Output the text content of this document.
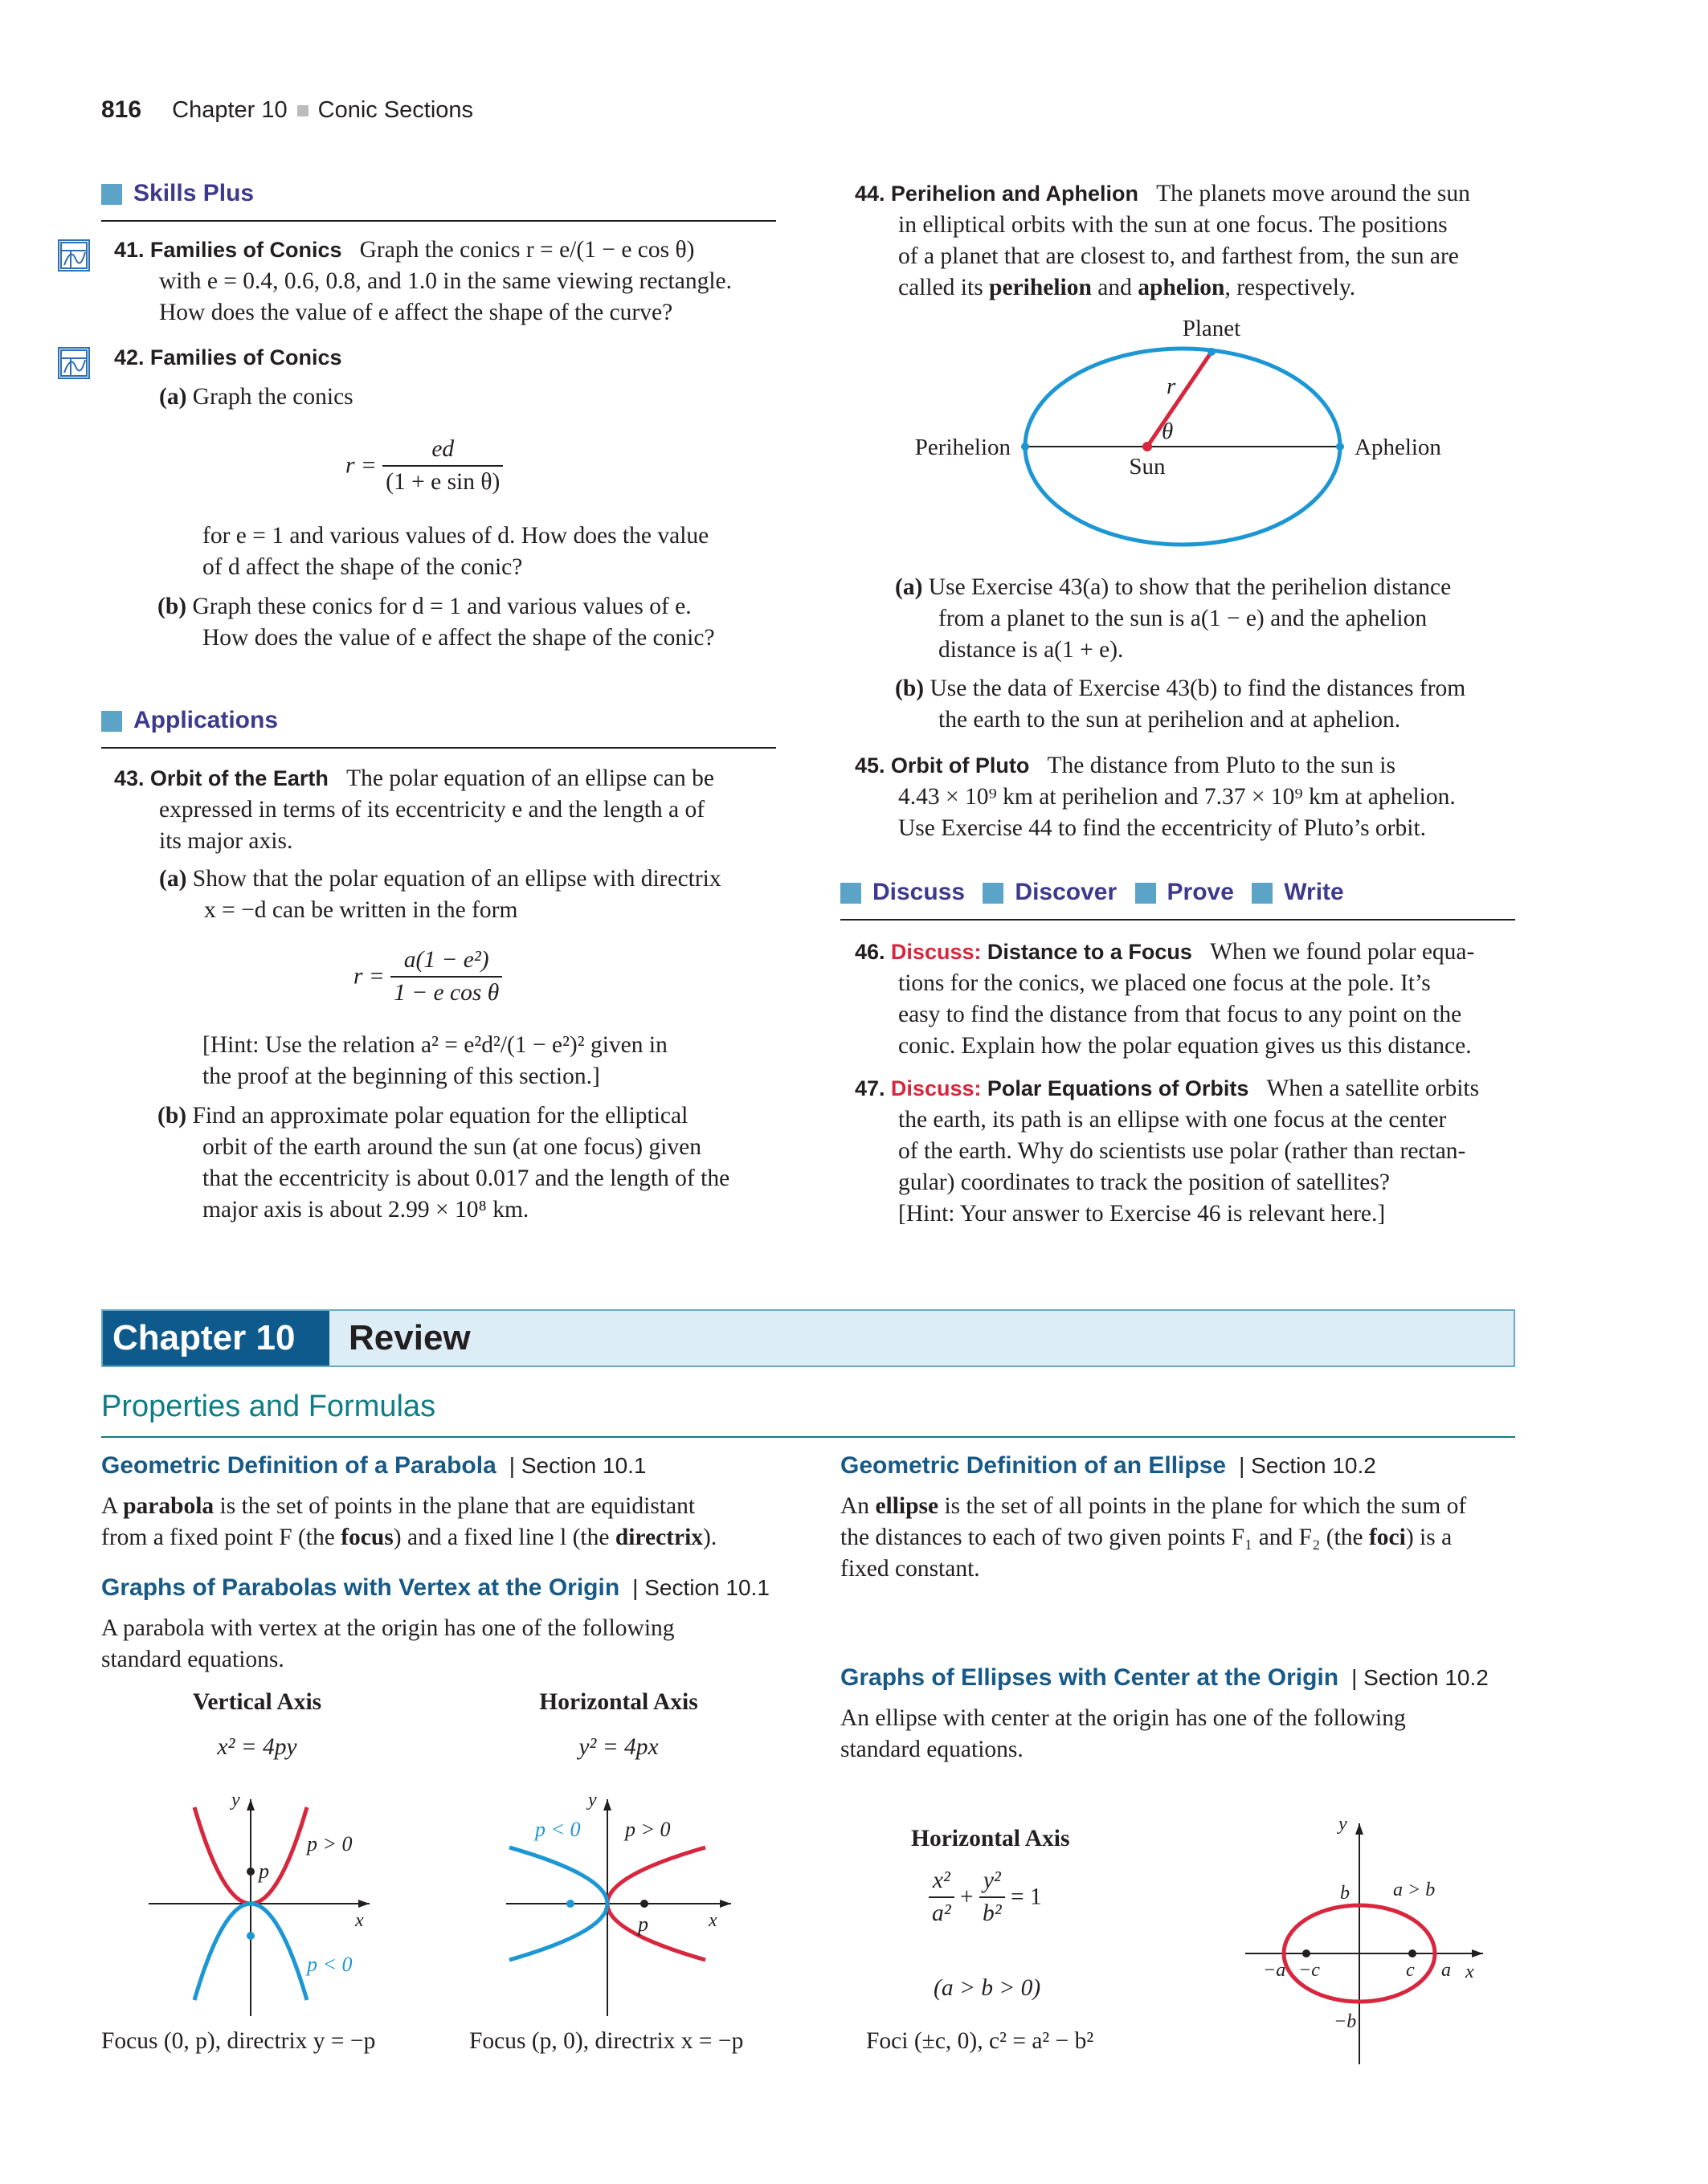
816 Chapter 10 Conic Sections
Skills Plus
41. Families of Conics Graph the conics r = e/(1 − e cos θ)
with e = 0.4, 0.6, 0.8, and 1.0 in the same viewing rectangle.
How does the value of e affect the shape of the curve?
42. Families of Conics
(a) Graph the conics
$r = \frac{ed}{\text{(1 + e sin θ)}}$
for e = 1 and various values of d. How does the value
of d affect the shape of the conic?
(b) Graph these conics for d = 1 and various values of e.
How does the value of e affect the shape of the conic?
Applications
43. Orbit of the Earth The polar equation of an ellipse can be
expressed in terms of its eccentricity e and the length a of
its major axis.
(a) Show that the polar equation of an ellipse with directrix
x = −d can be written in the form
$r = \frac{\text{a(1 − e²)}}{\text{1 − e cos θ}}$
[Hint: Use the relation a² = e²d²/(1 − e²)² given in
the proof at the beginning of this section.]
(b) Find an approximate polar equation for the elliptical
orbit of the earth around the sun (at one focus) given
that the eccentricity is about 0.017 and the length of the
major axis is about 2.99 × 10⁸ km.
44. Perihelion and Aphelion The planets move around the sun
in elliptical orbits with the sun at one focus. The positions
of a planet that are closest to, and farthest from, the sun are
called its perihelion and aphelion, respectively.
Planet
r
θ
Perihelion
Sun
Aphelion
(a) Use Exercise 43(a) to show that the perihelion distance
from a planet to the sun is a(1 − e) and the aphelion
distance is a(1 + e).
(b) Use the data of Exercise 43(b) to find the distances from
the earth to the sun at perihelion and at aphelion.
45. Orbit of Pluto The distance from Pluto to the sun is
4.43 × 10⁹ km at perihelion and 7.37 × 10⁹ km at aphelion.
Use Exercise 44 to find the eccentricity of Pluto’s orbit.
Discuss Discover Prove Write
46. Discuss: Distance to a Focus When we found polar equa-
tions for the conics, we placed one focus at the pole. It’s
easy to find the distance from that focus to any point on the
conic. Explain how the polar equation gives us this distance.
47. Discuss: Polar Equations of Orbits When a satellite orbits
the earth, its path is an ellipse with one focus at the center
of the earth. Why do scientists use polar (rather than rectan-
gular) coordinates to track the position of satellites?
[Hint: Your answer to Exercise 46 is relevant here.]
Chapter 10	Review
Properties and Formulas
Geometric Definition of a Parabola | Section 10.1
A parabola is the set of points in the plane that are equidistant
from a fixed point F (the focus) and a fixed line l (the directrix).
Graphs of Parabolas with Vertex at the Origin | Section 10.1
A parabola with vertex at the origin has one of the following
standard equations.
Vertical Axis
x² = 4py
Horizontal Axis
y² = 4px
y
x
p
p > 0
p < 0
y
x
p
p > 0
p < 0
Focus (0, p), directrix y = −p	Focus (p, 0), directrix x = −p
Geometric Definition of an Ellipse | Section 10.2
An ellipse is the set of all points in the plane for which the sum of
the distances to each of two given points F₁ and F₂ (the foci) is a
fixed constant.
Graphs of Ellipses with Center at the Origin | Section 10.2
An ellipse with center at the origin has one of the following
standard equations.
Horizontal Axis
$\frac{\text{x²}}{\text{a²}} + \frac{\text{y²}}{\text{b²}} = 1$
(a > b > 0)
Foci (±c, 0), c² = a² − b²
y
x
b a > b
−a −c	c a
−b
